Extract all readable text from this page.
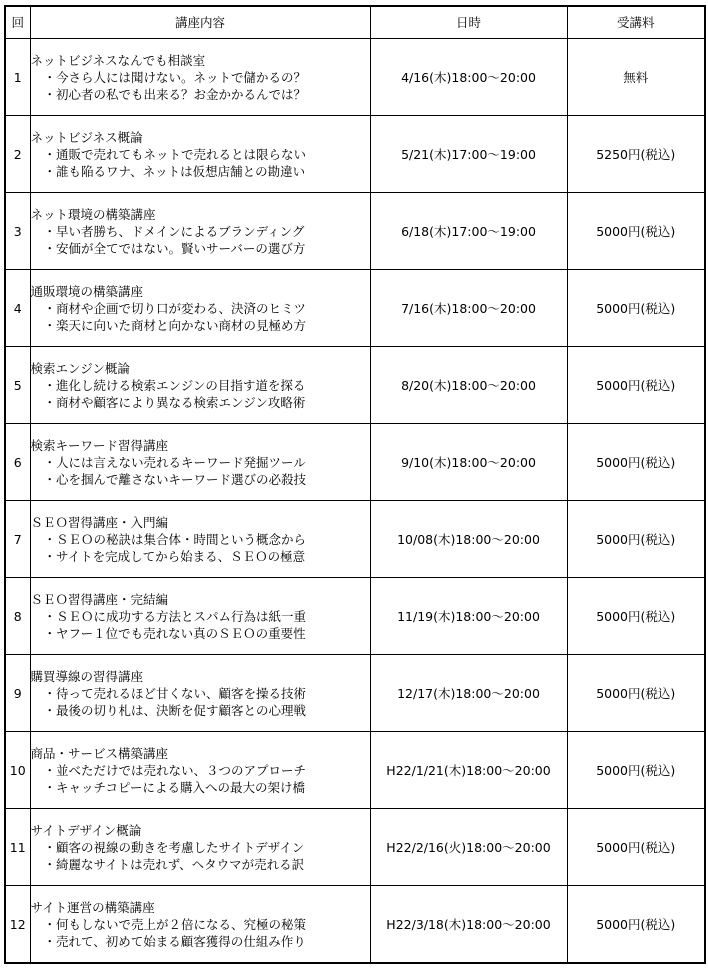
回	講座内容	日時	受講料
1	ネットビジネスなんでも相談室
・今さら人には聞けない。ネットで儲かるの？
・初心者の私でも出来る？お金かかるんでは？	4/16(木)18:00～20:00	無料
2	ネットビジネス概論
・通販で売れてもネットで売れるとは限らない
・誰も陥るワナ、ネットは仮想店舗との勘違い	5/21(木)17:00～19:00	5250円(税込)
3	ネット環境の構築講座
・早い者勝ち、ドメインによるブランディング
・安価が全てではない。賢いサーバーの選び方	6/18(木)17:00～19:00	5000円(税込)
4	通販環境の構築講座
・商材や企画で切り口が変わる、決済のヒミツ
・楽天に向いた商材と向かない商材の見極め方	7/16(木)18:00～20:00	5000円(税込)
5	検索エンジン概論
・進化し続ける検索エンジンの目指す道を探る
・商材や顧客により異なる検索エンジン攻略術	8/20(木)18:00～20:00	5000円(税込)
6	検索キーワード習得講座
・人には言えない売れるキーワード発掘ツール
・心を掴んで離さないキーワード選びの必殺技	9/10(木)18:00～20:00	5000円(税込)
7	ＳＥＯ習得講座・入門編
・ＳＥＯの秘訣は集合体・時間という概念から
・サイトを完成してから始まる、ＳＥＯの極意	10/08(木)18:00～20:00	5000円(税込)
8	ＳＥＯ習得講座・完結編
・ＳＥＯに成功する方法とスパム行為は紙一重
・ヤフー１位でも売れない真のＳＥＯの重要性	11/19(木)18:00～20:00	5000円(税込)
9	購買導線の習得講座
・待って売れるほど甘くない、顧客を操る技術
・最後の切り札は、決断を促す顧客との心理戦	12/17(木)18:00～20:00	5000円(税込)
10	商品・サービス構築講座
・並べただけでは売れない、３つのアプローチ
・キャッチコピーによる購入への最大の架け橋	H22/1/21(木)18:00～20:00	5000円(税込)
11	サイトデザイン概論
・顧客の視線の動きを考慮したサイトデザイン
・綺麗なサイトは売れず、ヘタウマが売れる訳	H22/2/16(火)18:00～20:00	5000円(税込)
12	サイト運営の構築講座
・何もしないで売上が２倍になる、究極の秘策
・売れて、初めて始まる顧客獲得の仕組み作り	H22/3/18(木)18:00～20:00	5000円(税込)
